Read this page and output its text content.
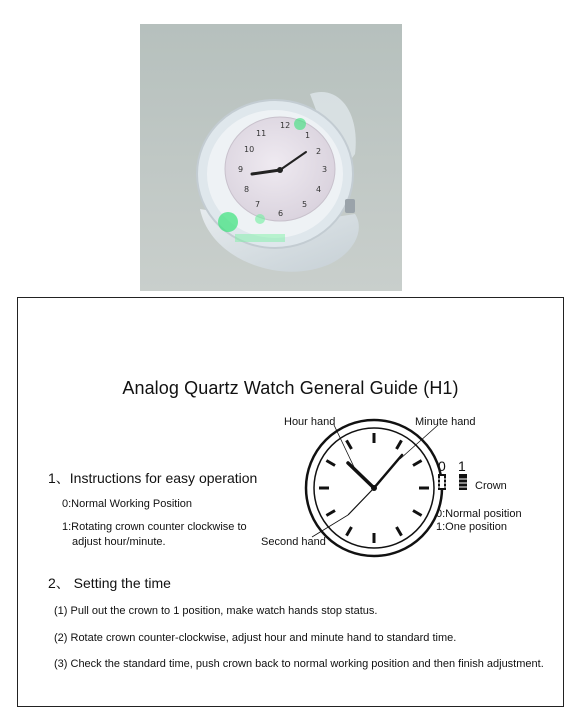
12
3
6
9
1
2
4
5
7
8
10
11
Analog Quartz Watch General Guide (H1)
1、Instructions for easy operation
0:Normal Working Position
1:Rotating crown counter clockwise to
adjust hour/minute.
Hour hand	Minute hand
Second hand
0 1
Crown
0:Normal position
1:One position
2、 Setting the time
(1) Pull out the crown to 1 position, make watch hands stop status.
(2) Rotate crown counter-clockwise, adjust hour and minute hand to standard time.
(3) Check the standard time, push crown back to normal working position and then finish adjustment.
